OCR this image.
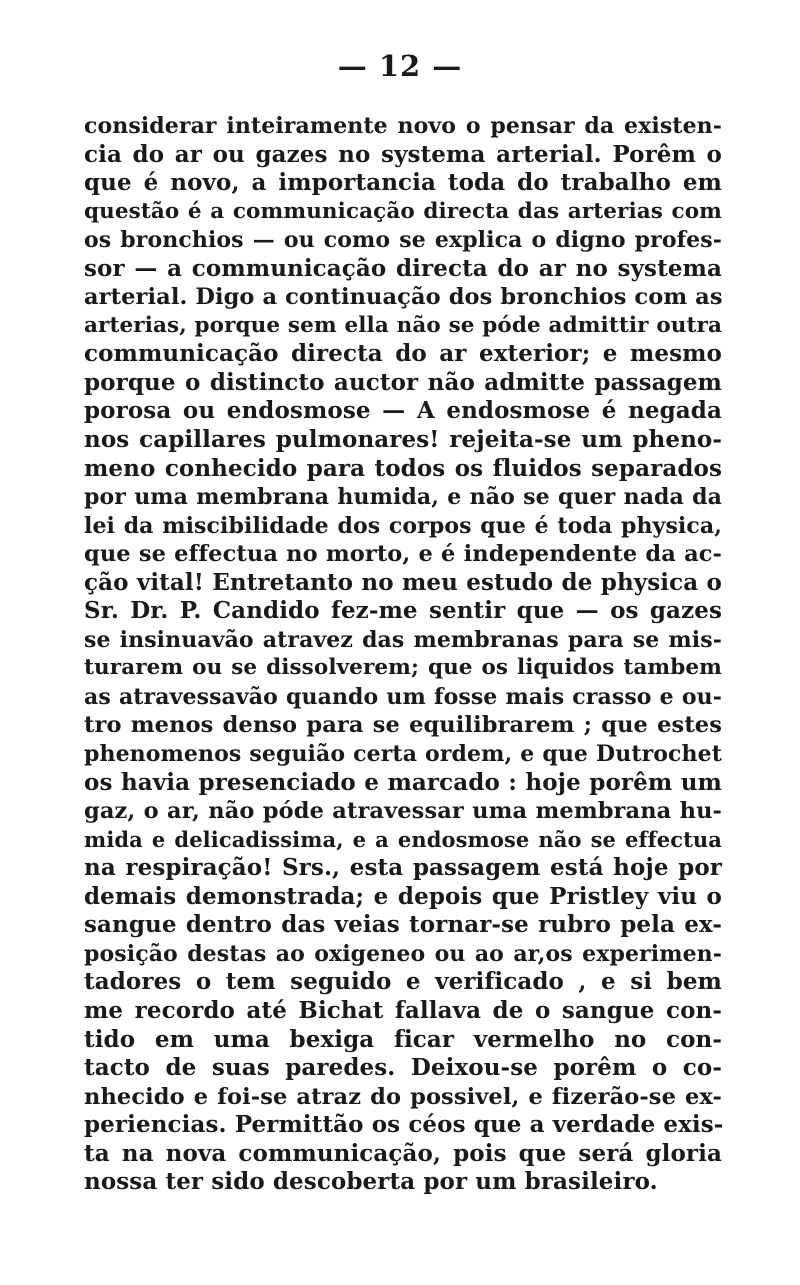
— 12 —
considerar inteiramente novo o pensar da existen-
cia do ar ou gazes no systema arterial. Porêm o
que é novo, a importancia toda do trabalho em
questão é a communicação directa das arterias com
os bronchios — ou como se explica o digno profes-
sor — a communicação directa do ar no systema
arterial. Digo a continuação dos bronchios com as
arterias, porque sem ella não se póde admittir outra
communicação directa do ar exterior; e mesmo
porque o distincto auctor não admitte passagem
porosa ou endosmose — A endosmose é negada
nos capillares pulmonares! rejeita-se um pheno-
meno conhecido para todos os fluidos separados
por uma membrana humida, e não se quer nada da
lei da miscibilidade dos corpos que é toda physica,
que se effectua no morto, e é independente da ac-
ção vital! Entretanto no meu estudo de physica o
Sr. Dr. P. Candido fez-me sentir que — os gazes
se insinuavão atravez das membranas para se mis-
turarem ou se dissolverem; que os liquidos tambem
as atravessavão quando um fosse mais crasso e ou-
tro menos denso para se equilibrarem ; que estes
phenomenos seguião certa ordem, e que Dutrochet
os havia presenciado e marcado : hoje porêm um
gaz, o ar, não póde atravessar uma membrana hu-
mida e delicadissima, e a endosmose não se effectua
na respiração! Srs., esta passagem está hoje por
demais demonstrada; e depois que Pristley viu o
sangue dentro das veias tornar-se rubro pela ex-
posição destas ao oxigeneo ou ao ar,os experimen-
tadores o tem seguido e verificado , e si bem
me recordo até Bichat fallava de o sangue con-
tido em uma bexiga ficar vermelho no con-
tacto de suas paredes. Deixou-se porêm o co-
nhecido e foi-se atraz do possivel, e fizerão-se ex-
periencias. Permittão os céos que a verdade exis-
ta na nova communicação, pois que será gloria
nossa ter sido descoberta por um brasileiro.
